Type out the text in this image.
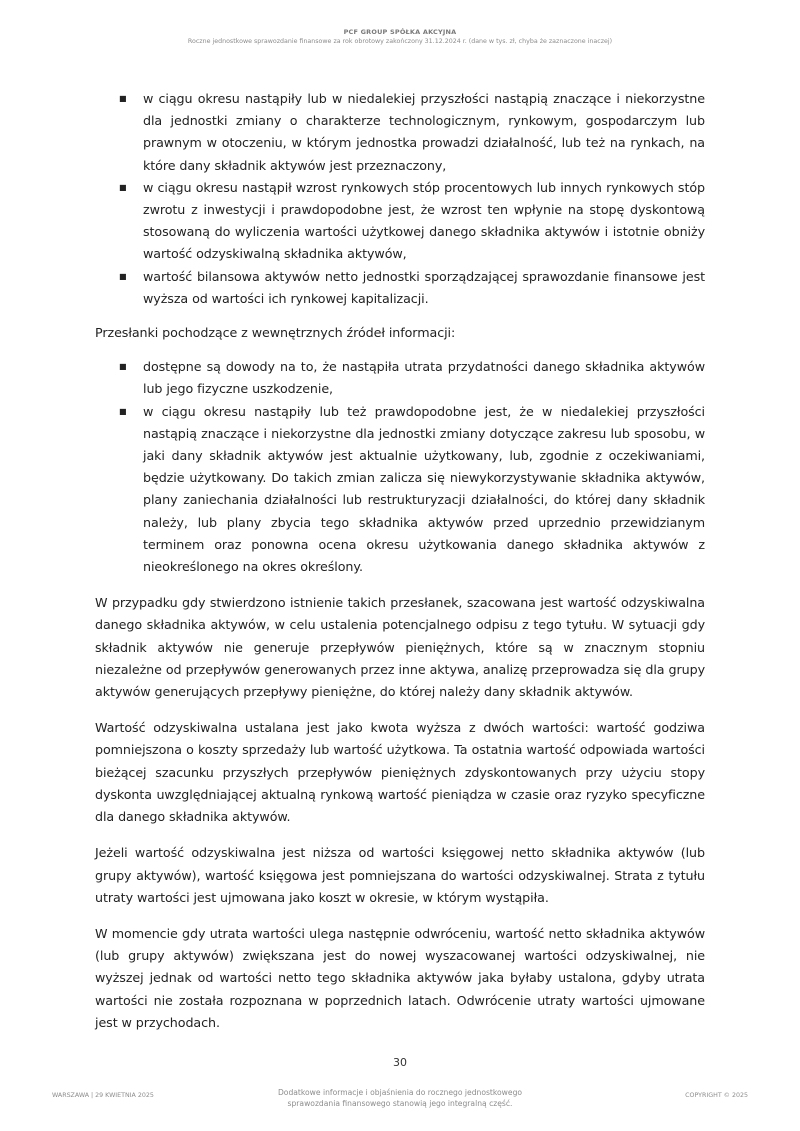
PCF GROUP SPÓŁKA AKCYJNA
Roczne jednostkowe sprawozdanie finansowe za rok obrotowy zakończony 31.12.2024 r. (dane w tys. zł, chyba że zaznaczone inaczej)
■ w ciągu okresu nastąpiły lub w niedalekiej przyszłości nastąpią znaczące i niekorzystne dla jednostki zmiany o charakterze technologicznym, rynkowym, gospodarczym lub prawnym w otoczeniu, w którym jednostka prowadzi działalność, lub też na rynkach, na które dany składnik aktywów jest przeznaczony,
■ w ciągu okresu nastąpił wzrost rynkowych stóp procentowych lub innych rynkowych stóp zwrotu z inwestycji i prawdopodobne jest, że wzrost ten wpłynie na stopę dyskontową stosowaną do wyliczenia wartości użytkowej danego składnika aktywów i istotnie obniży wartość odzyskiwalną składnika aktywów,
■ wartość bilansowa aktywów netto jednostki sporządzającej sprawozdanie finansowe jest wyższa od wartości ich rynkowej kapitalizacji.

Przesłanki pochodzące z wewnętrznych źródeł informacji:

■ dostępne są dowody na to, że nastąpiła utrata przydatności danego składnika aktywów lub jego fizyczne uszkodzenie,
■ w ciągu okresu nastąpiły lub też prawdopodobne jest, że w niedalekiej przyszłości nastąpią znaczące i niekorzystne dla jednostki zmiany dotyczące zakresu lub sposobu, w jaki dany składnik aktywów jest aktualnie użytkowany, lub, zgodnie z oczekiwaniami, będzie użytkowany. Do takich zmian zalicza się niewykorzystywanie składnika aktywów, plany zaniechania działalności lub restrukturyzacji działalności, do której dany składnik należy, lub plany zbycia tego składnika aktywów przed uprzednio przewidzianym terminem oraz ponowna ocena okresu użytkowania danego składnika aktywów z nieokreślonego na okres określony.

W przypadku gdy stwierdzono istnienie takich przesłanek, szacowana jest wartość odzyskiwalna danego składnika aktywów, w celu ustalenia potencjalnego odpisu z tego tytułu. W sytuacji gdy składnik aktywów nie generuje przepływów pieniężnych, które są w znacznym stopniu niezależne od przepływów generowanych przez inne aktywa, analizę przeprowadza się dla grupy aktywów generujących przepływy pieniężne, do której należy dany składnik aktywów.

Wartość odzyskiwalna ustalana jest jako kwota wyższa z dwóch wartości: wartość godziwa pomniejszona o koszty sprzedaży lub wartość użytkowa. Ta ostatnia wartość odpowiada wartości bieżącej szacunku przyszłych przepływów pieniężnych zdyskontowanych przy użyciu stopy dyskonta uwzględniającej aktualną rynkową wartość pieniądza w czasie oraz ryzyko specyficzne dla danego składnika aktywów.

Jeżeli wartość odzyskiwalna jest niższa od wartości księgowej netto składnika aktywów (lub grupy aktywów), wartość księgowa jest pomniejszana do wartości odzyskiwalnej. Strata z tytułu utraty wartości jest ujmowana jako koszt w okresie, w którym wystąpiła.

W momencie gdy utrata wartości ulega następnie odwróceniu, wartość netto składnika aktywów (lub grupy aktywów) zwiększana jest do nowej wyszacowanej wartości odzyskiwalnej, nie wyższej jednak od wartości netto tego składnika aktywów jaka byłaby ustalona, gdyby utrata wartości nie została rozpoznana w poprzednich latach. Odwrócenie utraty wartości ujmowane jest w przychodach.

30
WARSZAWA | 29 KWIETNIA 2025	Dodatkowe informacje i objaśnienia do rocznego jednostkowego
sprawozdania finansowego stanowią jego integralną część.
COPYRIGHT © 2025
